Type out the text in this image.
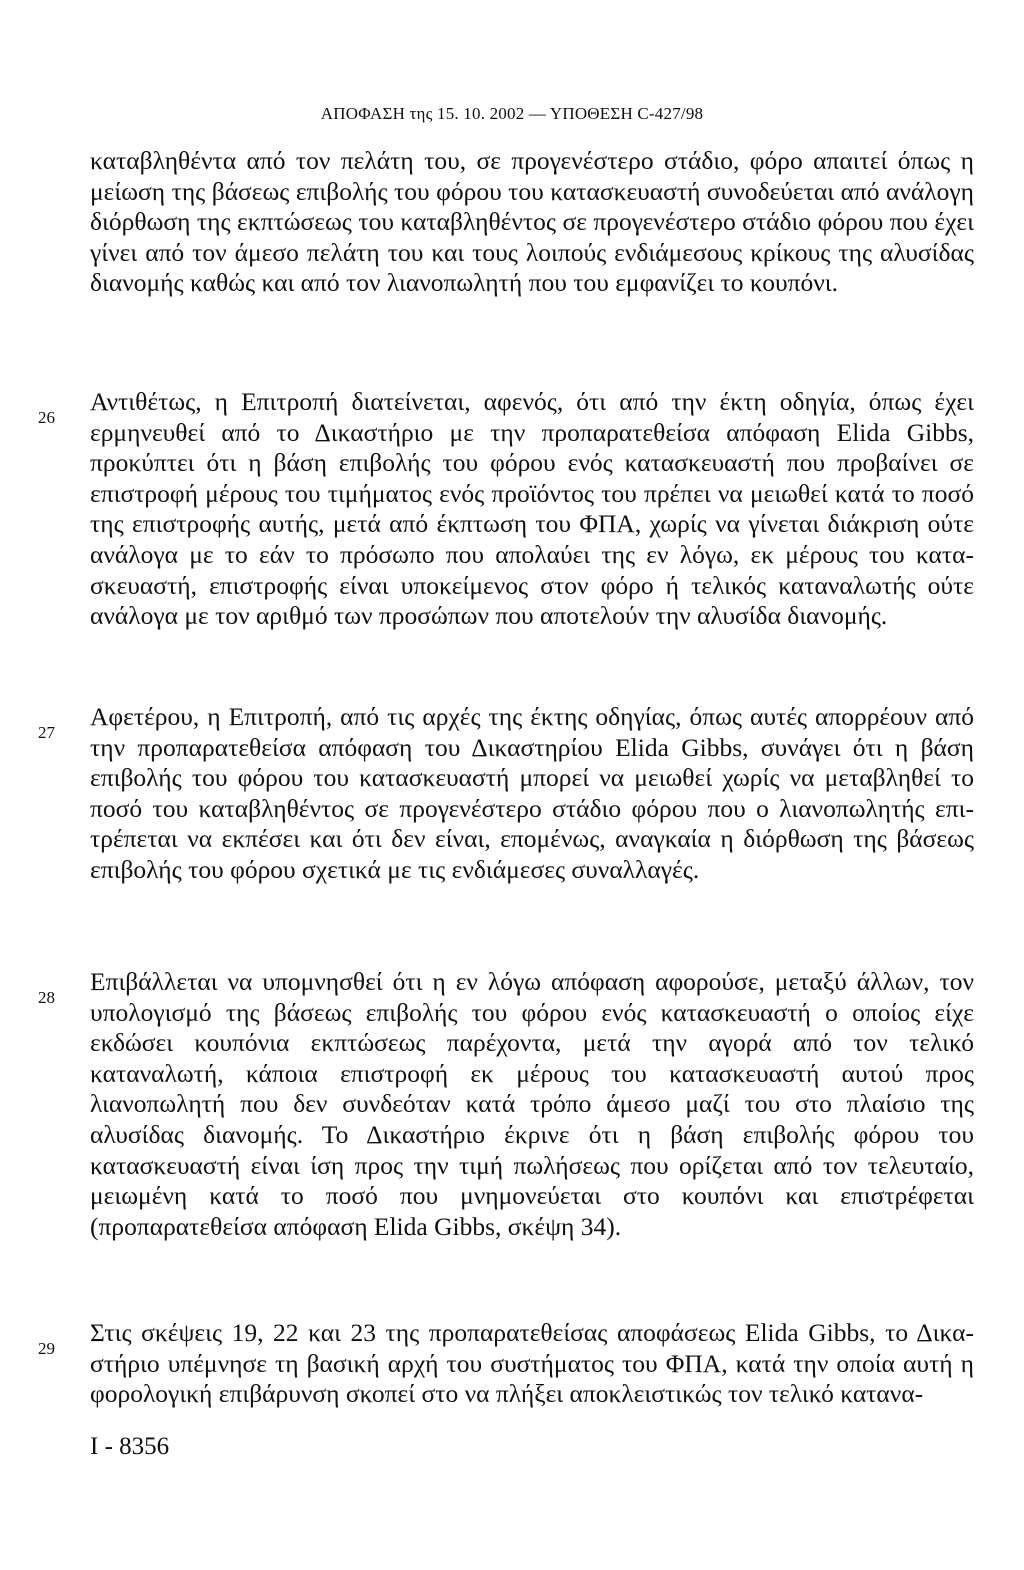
ΑΠΟΦΑΣΗ της 15. 10. 2002 — ΥΠΟΘΕΣΗ C-427/98
καταβληθέντα από τον πελάτη του, σε προγενέστερο στάδιο, φόρο απαιτεί όπως η μείωση της βάσεως επιβολής του φόρου του κατασκευαστή συνοδεύεται από ανάλογη διόρθωση της εκπτώσεως του καταβληθέντος σε προγενέστερο στάδιο φόρου που έχει γίνει από τον άμεσο πελάτη του και τους λοιπούς ενδιάμεσους κρίκους της αλυσίδας διανομής καθώς και από τον λιανοπωλητή που του εμφανίζει το κουπόνι.
26
Αντιθέτως, η Επιτροπή διατείνεται, αφενός, ότι από την έκτη οδηγία, όπως έχει ερμηνευθεί από το Δικαστήριο με την προπαρατεθείσα απόφαση Elida Gibbs, προκύπτει ότι η βάση επιβολής του φόρου ενός κατασκευαστή που προβαίνει σε επιστροφή μέρους του τιμήματος ενός προϊόντος του πρέπει να μειωθεί κατά το ποσό της επιστροφής αυτής, μετά από έκπτωση του ΦΠΑ, χωρίς να γίνεται διάκριση ούτε ανάλογα με το εάν το πρόσωπο που απολαύει της εν λόγω, εκ μέρους του κατασκευαστή, επιστροφής είναι υποκείμενος στον φόρο ή τελικός καταναλωτής ούτε ανάλογα με τον αριθμό των προσώπων που αποτελούν την αλυσίδα διανομής.
27
Αφετέρου, η Επιτροπή, από τις αρχές της έκτης οδηγίας, όπως αυτές απορρέουν από την προπαρατεθείσα απόφαση του Δικαστηρίου Elida Gibbs, συνάγει ότι η βάση επιβολής του φόρου του κατασκευαστή μπορεί να μειωθεί χωρίς να μεταβληθεί το ποσό του καταβληθέντος σε προγενέστερο στάδιο φόρου που ο λιανοπωλητής επιτρέπεται να εκπέσει και ότι δεν είναι, επομένως, αναγκαία η διόρθωση της βάσεως επιβολής του φόρου σχετικά με τις ενδιάμεσες συναλλαγές.
28
Επιβάλλεται να υπομνησθεί ότι η εν λόγω απόφαση αφορούσε, μεταξύ άλλων, τον υπολογισμό της βάσεως επιβολής του φόρου ενός κατασκευαστή ο οποίος είχε εκδώσει κουπόνια εκπτώσεως παρέχοντα, μετά την αγορά από τον τελικό καταναλωτή, κάποια επιστροφή εκ μέρους του κατασκευαστή αυτού προς λιανοπωλητή που δεν συνδεόταν κατά τρόπο άμεσο μαζί του στο πλαίσιο της αλυσίδας διανομής. Το Δικαστήριο έκρινε ότι η βάση επιβολής φόρου του κατασκευαστή είναι ίση προς την τιμή πωλήσεως που ορίζεται από τον τελευταίο, μειωμένη κατά το ποσό που μνημονεύεται στο κουπόνι και επιστρέφεται (προπαρατεθείσα απόφαση Elida Gibbs, σκέψη 34).
29
Στις σκέψεις 19, 22 και 23 της προπαρατεθείσας αποφάσεως Elida Gibbs, το Δικαστήριο υπέμνησε τη βασική αρχή του συστήματος του ΦΠΑ, κατά την οποία αυτή η φορολογική επιβάρυνση σκοπεί στο να πλήξει αποκλειστικώς τον τελικό κατανα-
I - 8356
